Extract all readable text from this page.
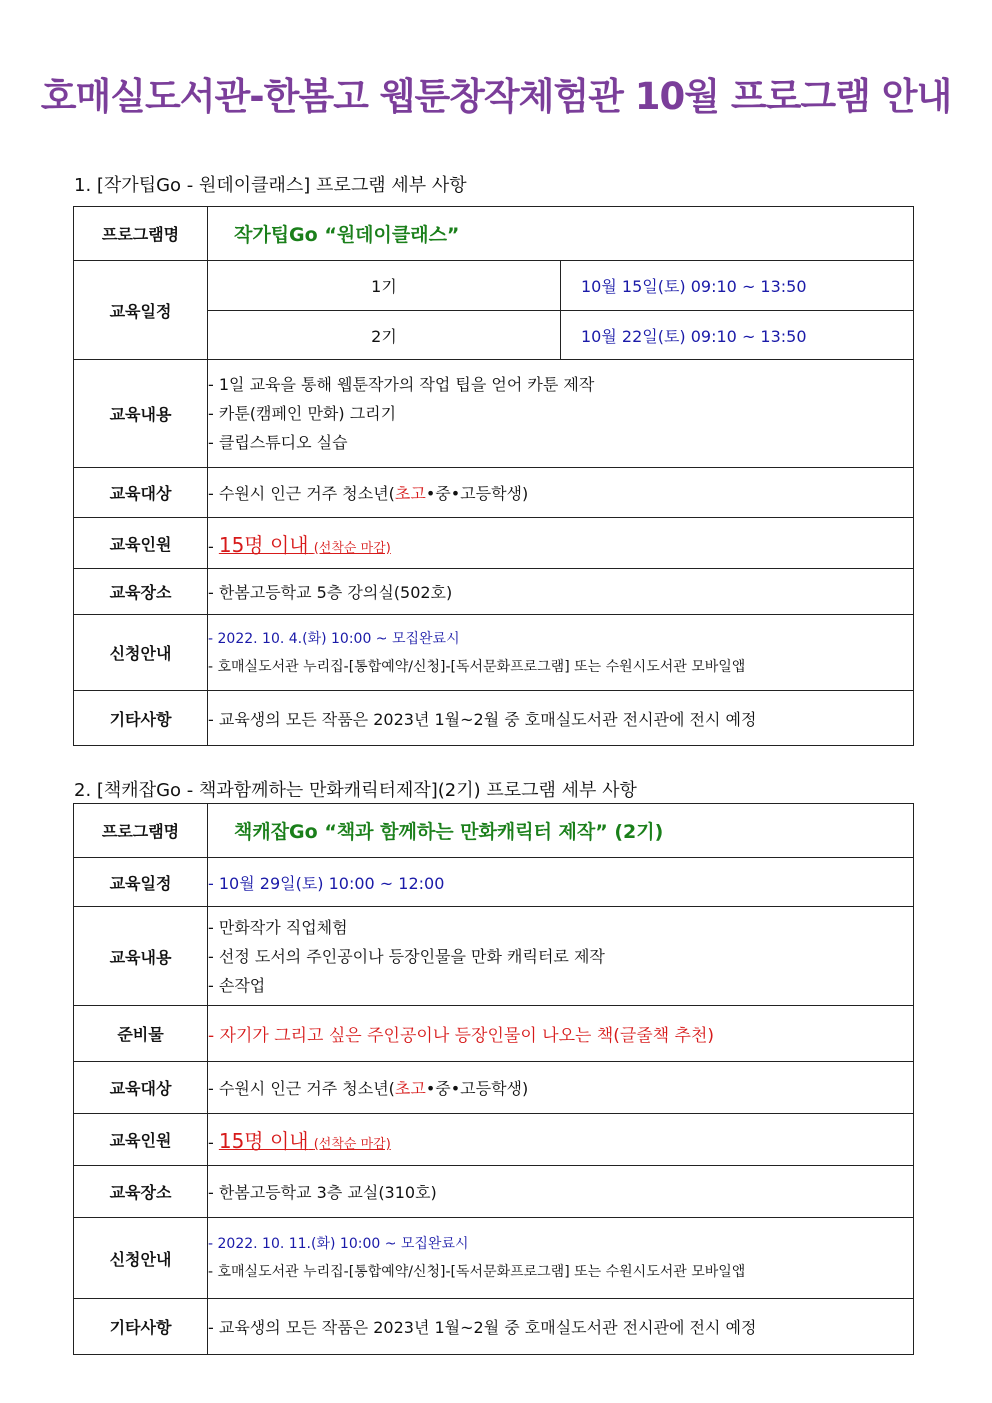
호매실도서관-한봄고 웹툰창작체험관 10월 프로그램 안내
1. [작가팁Go - 원데이클래스] 프로그램 세부 사항
프로그램명	작가팁Go “원데이클래스”	
교육일정	1기	10월 15일(토) 09:10 ~ 13:50
	2기	10월 22일(토) 09:10 ~ 13:50
교육내용	- 1일 교육을 통해 웹툰작가의 작업 팁을 얻어 카툰 제작
- 카툰(캠페인 만화) 그리기
- 클립스튜디오 실습	

교육대상	- 수원시 인근 거주 청소년(초고•중•고등학생)	
교육인원	- 15명 이내 (선착순 마감)	
교육장소	- 한봄고등학교 5층 강의실(502호)	
신청안내	- 2022. 10. 4.(화) 10:00 ~ 모집완료시
- 호매실도서관 누리집-[통합예약/신청]-[독서문화프로그램] 또는 수원시도서관 모바일앱	

기타사항	- 교육생의 모든 작품은 2023년 1월~2월 중 호매실도서관 전시관에 전시 예정	
2. [책캐잡Go - 책과함께하는 만화캐릭터제작](2기) 프로그램 세부 사항
프로그램명	책캐잡Go “책과 함께하는 만화캐릭터 제작” (2기)
교육일정	- 10월 29일(토) 10:00 ~ 12:00
교육내용	- 만화작가 직업체험
- 선정 도서의 주인공이나 등장인물을 만화 캐릭터로 제작
- 손작업

준비물	- 자기가 그리고 싶은 주인공이나 등장인물이 나오는 책(글줄책 추천)
교육대상	- 수원시 인근 거주 청소년(초고•중•고등학생)
교육인원	- 15명 이내 (선착순 마감)
교육장소	- 한봄고등학교 3층 교실(310호)
신청안내	- 2022. 10. 11.(화) 10:00 ~ 모집완료시
- 호매실도서관 누리집-[통합예약/신청]-[독서문화프로그램] 또는 수원시도서관 모바일앱

기타사항	- 교육생의 모든 작품은 2023년 1월~2월 중 호매실도서관 전시관에 전시 예정
